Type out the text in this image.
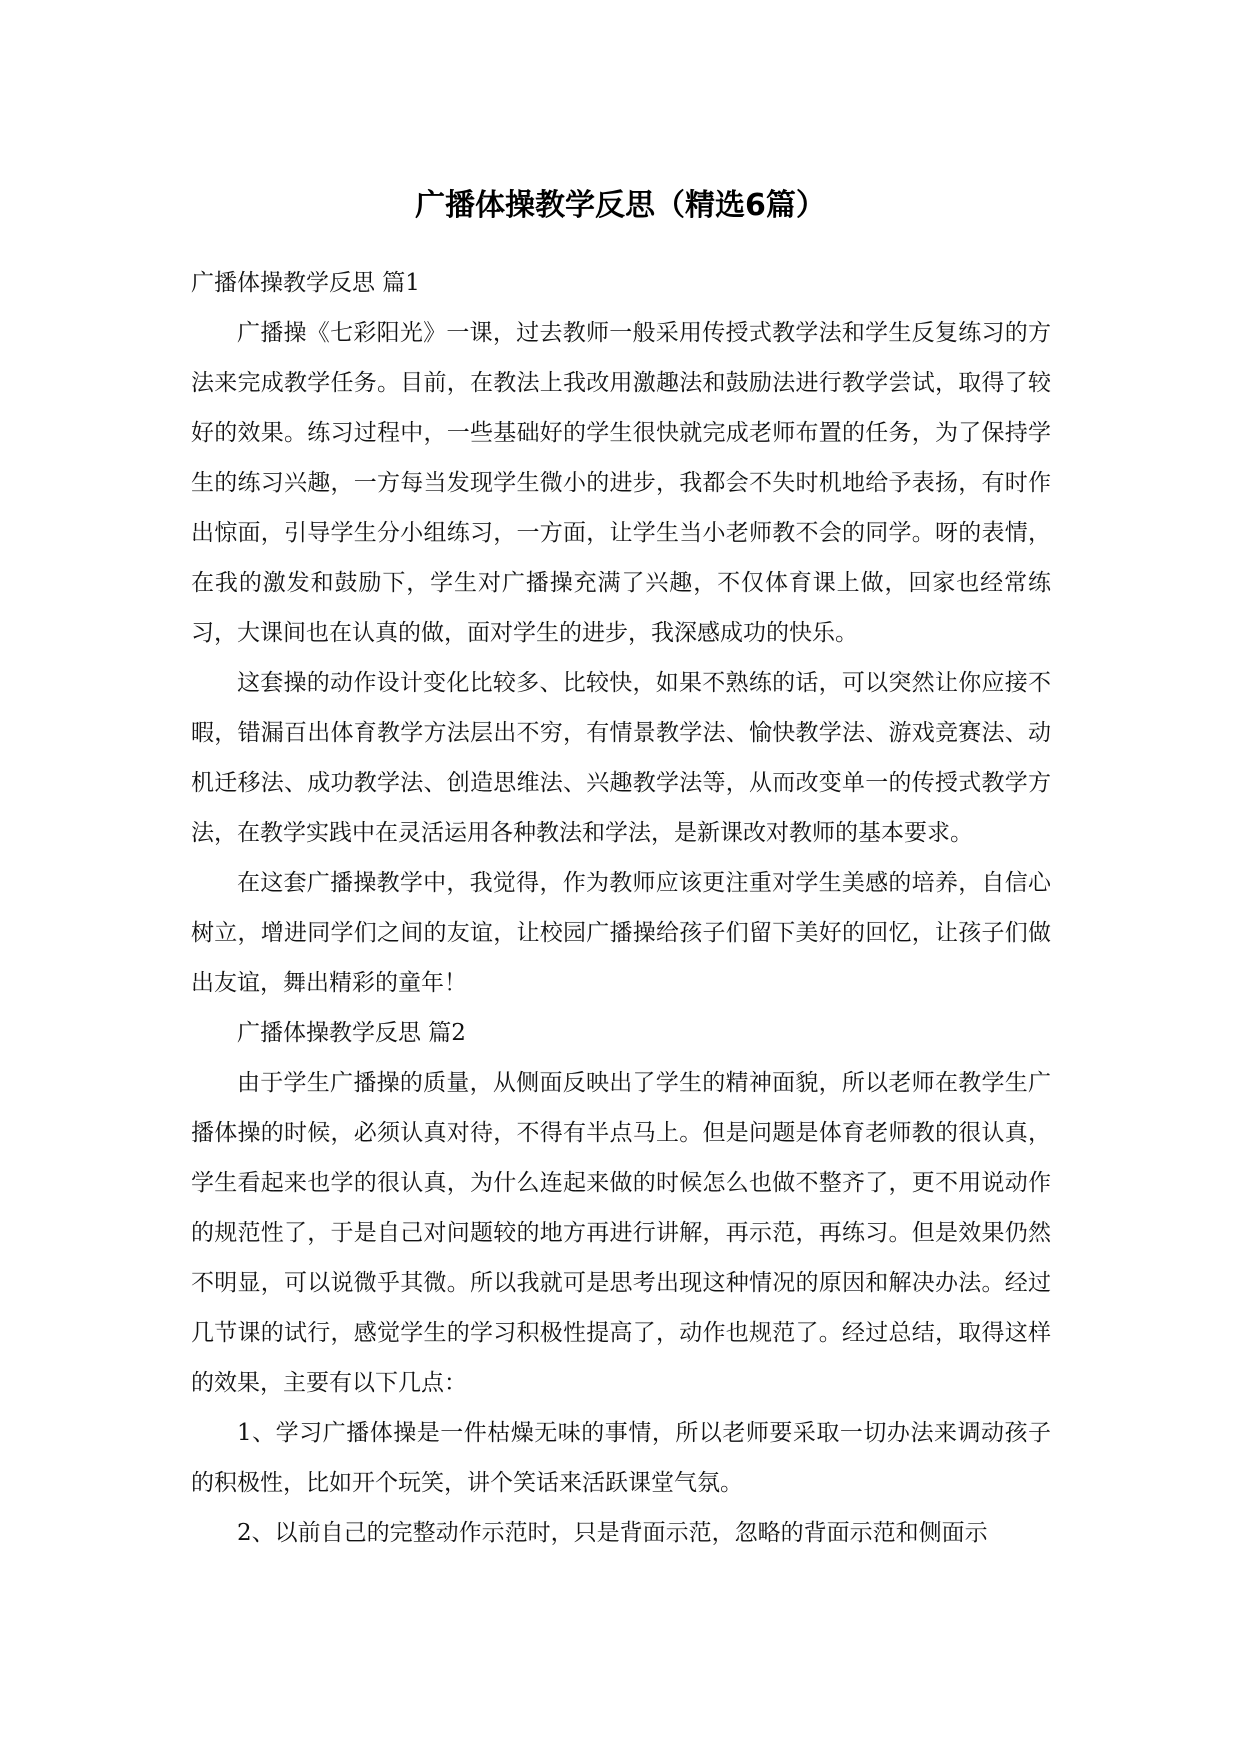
广播体操教学反思（精选6篇）

广播体操教学反思 篇1

广播操《七彩阳光》一课，过去教师一般采用传授式教学法和学生反复练习的方法来完成教学任务。目前，在教法上我改用激趣法和鼓励法进行教学尝试，取得了较好的效果。练习过程中，一些基础好的学生很快就完成老师布置的任务，为了保持学生的练习兴趣，一方每当发现学生微小的进步，我都会不失时机地给予表扬，有时作出惊面，引导学生分小组练习，一方面，让学生当小老师教不会的同学。呀的表情，在我的激发和鼓励下，学生对广播操充满了兴趣，不仅体育课上做，回家也经常练习，大课间也在认真的做，面对学生的进步，我深感成功的快乐。

这套操的动作设计变化比较多、比较快，如果不熟练的话，可以突然让你应接不暇，错漏百出体育教学方法层出不穷，有情景教学法、愉快教学法、游戏竞赛法、动机迁移法、成功教学法、创造思维法、兴趣教学法等，从而改变单一的传授式教学方法，在教学实践中在灵活运用各种教法和学法，是新课改对教师的基本要求。

在这套广播操教学中，我觉得，作为教师应该更注重对学生美感的培养，自信心树立，增进同学们之间的友谊，让校园广播操给孩子们留下美好的回忆，让孩子们做出友谊，舞出精彩的童年！

广播体操教学反思 篇2

由于学生广播操的质量，从侧面反映出了学生的精神面貌，所以老师在教学生广播体操的时候，必须认真对待，不得有半点马上。但是问题是体育老师教的很认真，学生看起来也学的很认真，为什么连起来做的时候怎么也做不整齐了，更不用说动作的规范性了，于是自己对问题较的地方再进行讲解，再示范，再练习。但是效果仍然不明显，可以说微乎其微。所以我就可是思考出现这种情况的原因和解决办法。经过几节课的试行，感觉学生的学习积极性提高了，动作也规范了。经过总结，取得这样的效果，主要有以下几点：

1、学习广播体操是一件枯燥无味的事情，所以老师要采取一切办法来调动孩子的积极性，比如开个玩笑，讲个笑话来活跃课堂气氛。

2、以前自己的完整动作示范时，只是背面示范，忽略的背面示范和侧面示
